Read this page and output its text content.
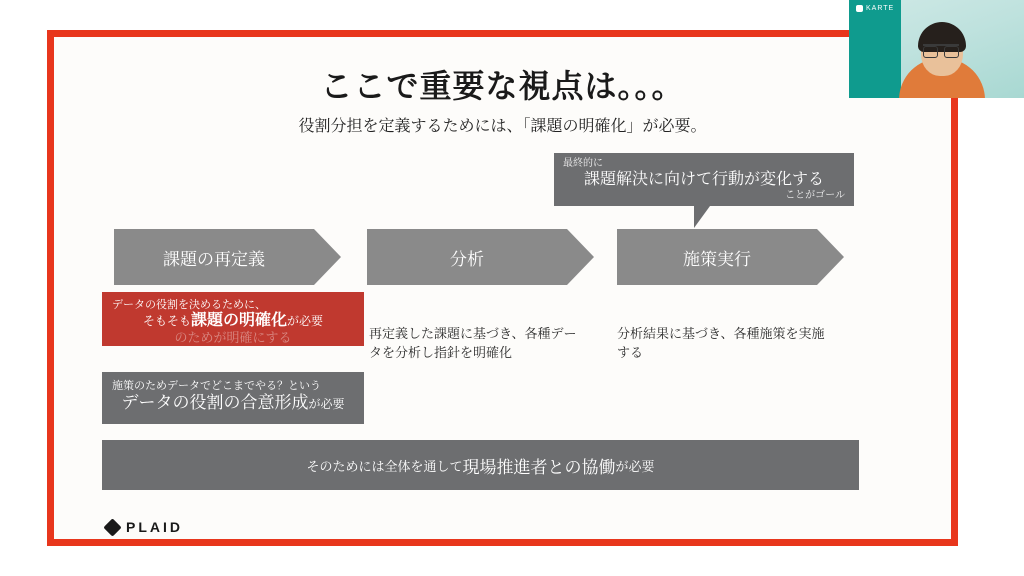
ここで重要な視点は。。。
役割分担を定義するためには、「課題の明確化」が必要。
最終的に
課題解決に向けて行動が変化する
ことがゴール
課題の再定義	分析	施策実行
データの役割を決めるために、
そもそも課題の明確化が必要
のためが明確にする
施策のためデータでどこまでやる？という
データの役割の合意形成が必要
再定義した課題に基づき、各種データを分析し指針を明確化
分析結果に基づき、各種施策を実施する
そのためには全体を通して 現場推進者との協働 が必要
PLAID
KARTE
